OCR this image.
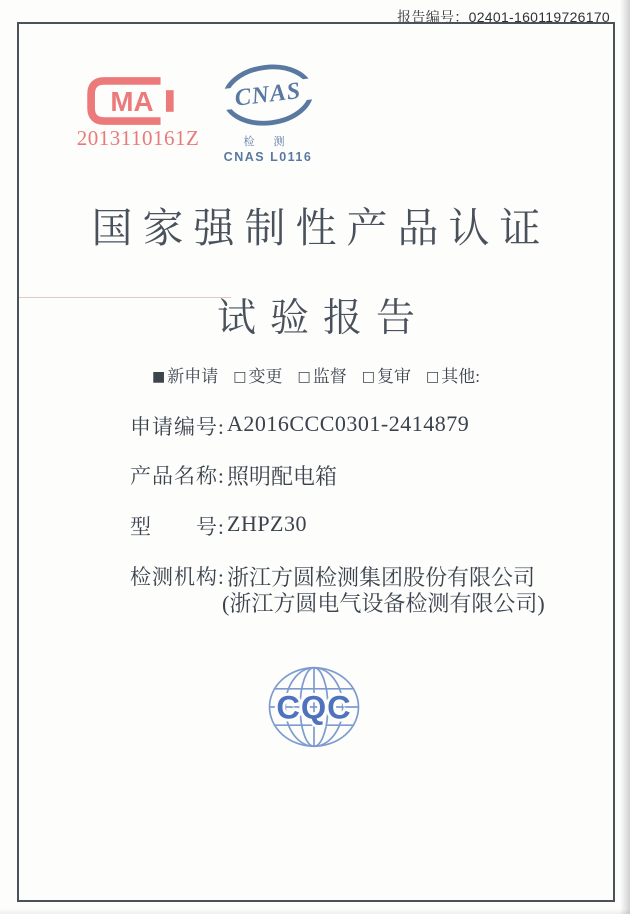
报告编号：02401-160119726170
MA
2013110161Z
CNAS
检 测
CNAS L0116
国家强制性产品认证
试验报告
■ 新申请 □ 变更 □ 监督 □ 复审 □ 其他:
申请编号: A2016CCC0301-2414879
产品名称: 照明配电箱
型　　号: ZHPZ30
检测机构: 浙江方圆检测集团股份有限公司
(浙江方圆电气设备检测有限公司)
CQC
